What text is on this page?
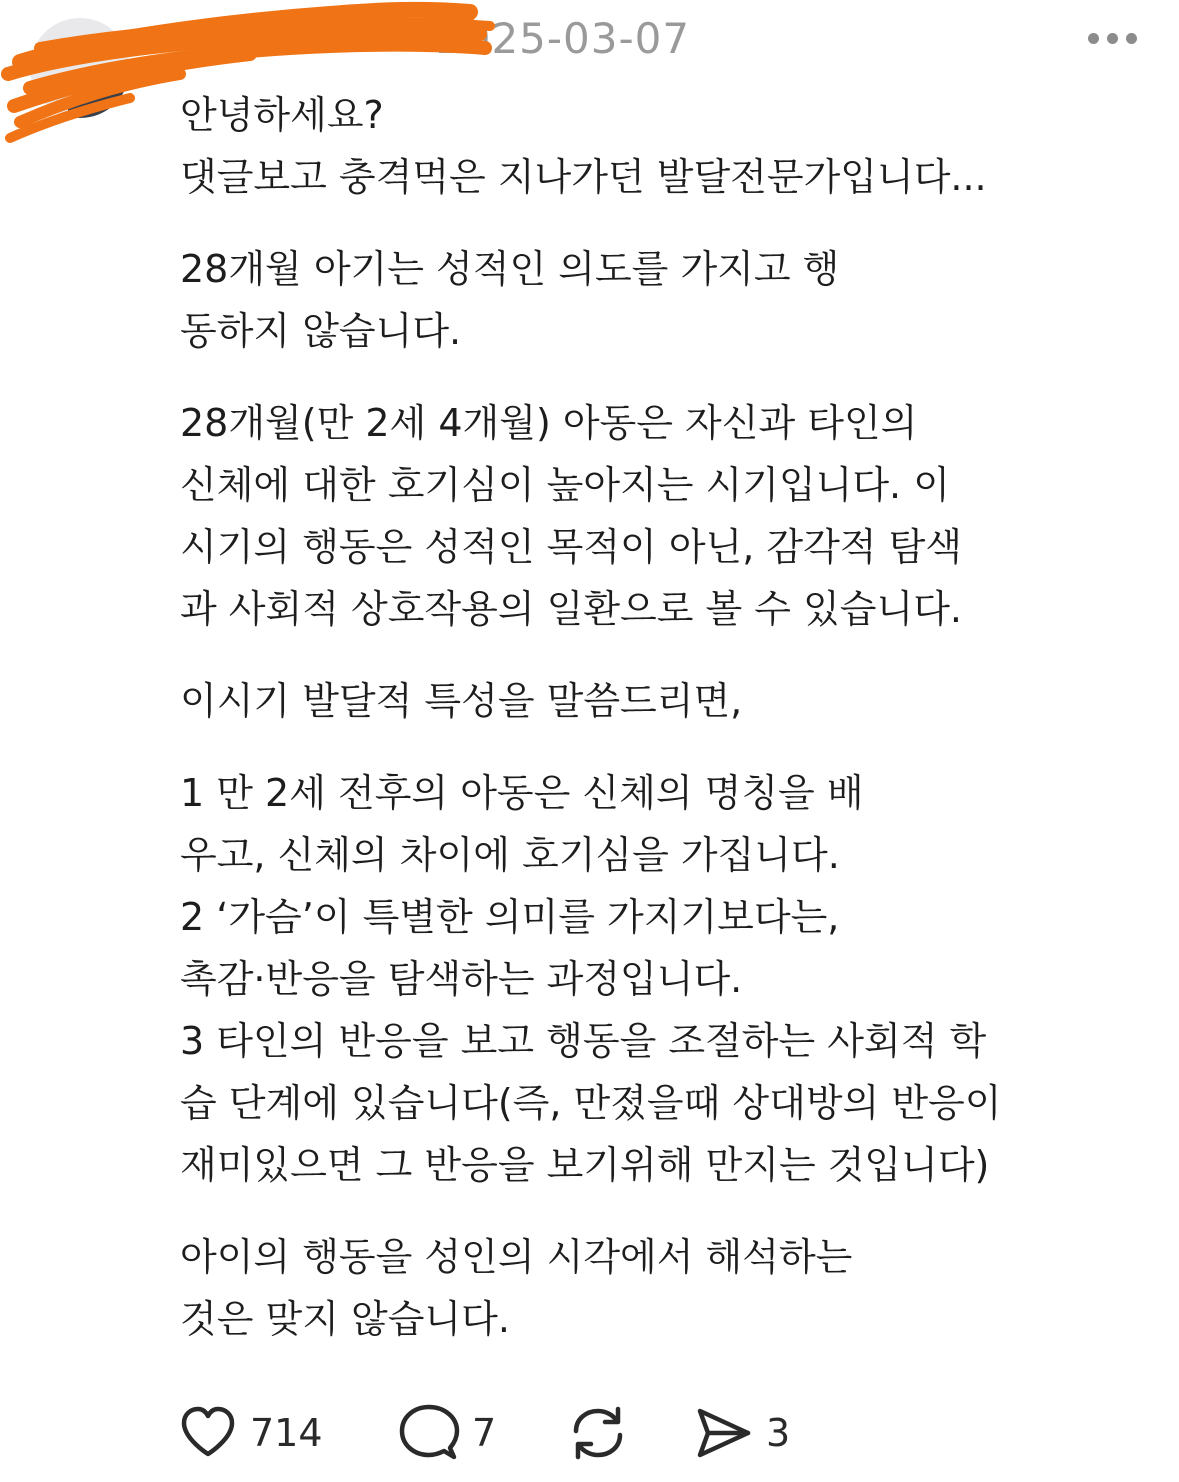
2025-03-07

안녕하세요?
댓글보고 충격먹은 지나가던 발달전문가입니다...

28개월 아기는 성적인 의도를 가지고 행
동하지 않습니다.

28개월(만 2세 4개월) 아동은 자신과 타인의
신체에 대한 호기심이 높아지는 시기입니다. 이
시기의 행동은 성적인 목적이 아닌, 감각적 탐색
과 사회적 상호작용의 일환으로 볼 수 있습니다.

이시기 발달적 특성을 말씀드리면,

1 만 2세 전후의 아동은 신체의 명칭을 배
우고, 신체의 차이에 호기심을 가집니다.
2 ‘가슴’이 특별한 의미를 가지기보다는,
촉감·반응을 탐색하는 과정입니다.
3 타인의 반응을 보고 행동을 조절하는 사회적 학
습 단계에 있습니다(즉, 만졌을때 상대방의 반응이
재미있으면 그 반응을 보기위해 만지는 것입니다)

아이의 행동을 성인의 시각에서 해석하는
것은 맞지 않습니다.

714	7	3
